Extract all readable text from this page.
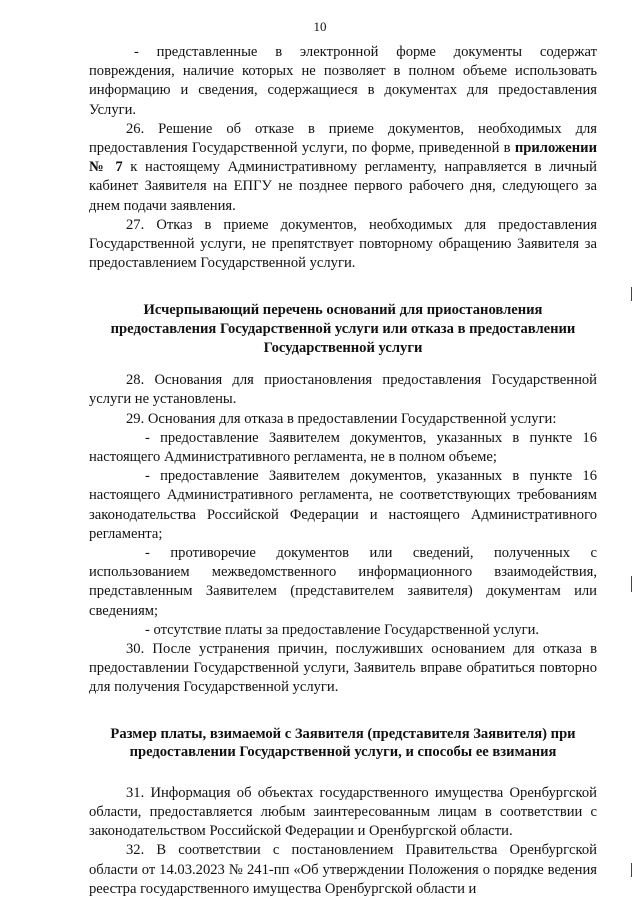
10

- представленные в электронной форме документы содержат повреждения, наличие которых не позволяет в полном объеме использовать информацию и сведения, содержащиеся в документах для предоставления Услуги.

26. Решение об отказе в приеме документов, необходимых для предоставления Государственной услуги, по форме, приведенной в приложении № 7 к настоящему Административному регламенту, направляется в личный кабинет Заявителя на ЕПГУ не позднее первого рабочего дня, следующего за днем подачи заявления.

27. Отказ в приеме документов, необходимых для предоставления Государственной услуги, не препятствует повторному обращению Заявителя за предоставлением Государственной услуги.

Исчерпывающий перечень оснований для приостановления предоставления Государственной услуги или отказа в предоставлении Государственной услуги

28. Основания для приостановления предоставления Государственной услуги не установлены.

29. Основания для отказа в предоставлении Государственной услуги:

- предоставление Заявителем документов, указанных в пункте 16 настоящего Административного регламента, не в полном объеме;

- предоставление Заявителем документов, указанных в пункте 16 настоящего Административного регламента, не соответствующих требованиям законодательства Российской Федерации и настоящего Административного регламента;

- противоречие документов или сведений, полученных с использованием межведомственного информационного взаимодействия, представленным Заявителем (представителем заявителя) документам или сведениям;

- отсутствие платы за предоставление Государственной услуги.

30. После устранения причин, послуживших основанием для отказа в предоставлении Государственной услуги, Заявитель вправе обратиться повторно для получения Государственной услуги.

Размер платы, взимаемой с Заявителя (представителя Заявителя) при предоставлении Государственной услуги, и способы ее взимания

31. Информация об объектах государственного имущества Оренбургской области, предоставляется любым заинтересованным лицам в соответствии с законодательством Российской Федерации и Оренбургской области.

32. В соответствии с постановлением Правительства Оренбургской области от 14.03.2023 № 241-пп «Об утверждении Положения о порядке ведения реестра государственного имущества Оренбургской области и
